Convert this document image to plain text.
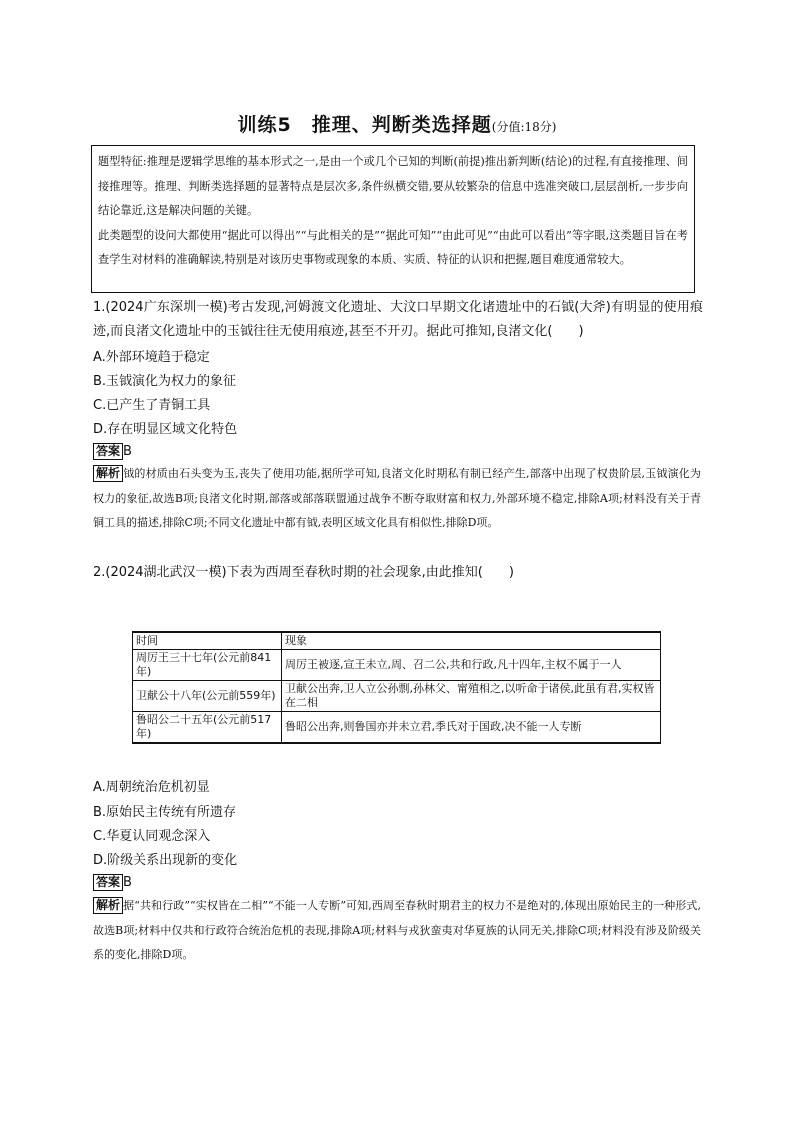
训练5　推理、判断类选择题(分值:18分)

题型特征:推理是逻辑学思维的基本形式之一,是由一个或几个已知的判断(前提)推出新判断(结论)的过程,有直接推理、间接推理等。推理、判断类选择题的显著特点是层次多,条件纵横交错,要从较繁杂的信息中选准突破口,层层剖析,一步步向结论靠近,这是解决问题的关键。

此类题型的设问大都使用“据此可以得出”“与此相关的是”“据此可知”“由此可见”“由此可以看出”等字眼,这类题目旨在考查学生对材料的准确解读,特别是对该历史事物或现象的本质、实质、特征的认识和把握,题目难度通常较大。

1.(2024广东深圳一模)考古发现,河姆渡文化遗址、大汶口早期文化诸遗址中的石钺(大斧)有明显的使用痕迹,而良渚文化遗址中的玉钺往往无使用痕迹,甚至不开刃。据此可推知,良渚文化(　　)

A.外部环境趋于稳定
B.玉钺演化为权力的象征
C.已产生了青铜工具
D.存在明显区域文化特色
答案 B

解析 钺的材质由石头变为玉,丧失了使用功能,据所学可知,良渚文化时期私有制已经产生,部落中出现了权贵阶层,玉钺演化为权力的象征,故选B项;良渚文化时期,部落或部落联盟通过战争不断夺取财富和权力,外部环境不稳定,排除A项;材料没有关于青铜工具的描述,排除C项;不同文化遗址中都有钺,表明区域文化具有相似性,排除D项。

2.(2024湖北武汉一模)下表为西周至春秋时期的社会现象,由此推知(　　)

时间	现象
周厉王三十七年(公元前841年)	周厉王被逐,宣王未立,周、召二公,共和行政,凡十四年,主权不属于一人
卫献公十八年(公元前559年)	卫献公出奔,卫人立公孙剽,孙林父、甯殖相之,以听命于诸侯,此虽有君,实权皆在二相
鲁昭公二十五年(公元前517年)	鲁昭公出奔,则鲁国亦并未立君,季氏对于国政,决不能一人专断
A.周朝统治危机初显
B.原始民主传统有所遗存
C.华夏认同观念深入
D.阶级关系出现新的变化
答案 B

解析 据“共和行政”“实权皆在二相”“不能一人专断”可知,西周至春秋时期君主的权力不是绝对的,体现出原始民主的一种形式,故选B项;材料中仅共和行政符合统治危机的表现,排除A项;材料与戎狄蛮夷对华夏族的认同无关,排除C项;材料没有涉及阶级关系的变化,排除D项。
